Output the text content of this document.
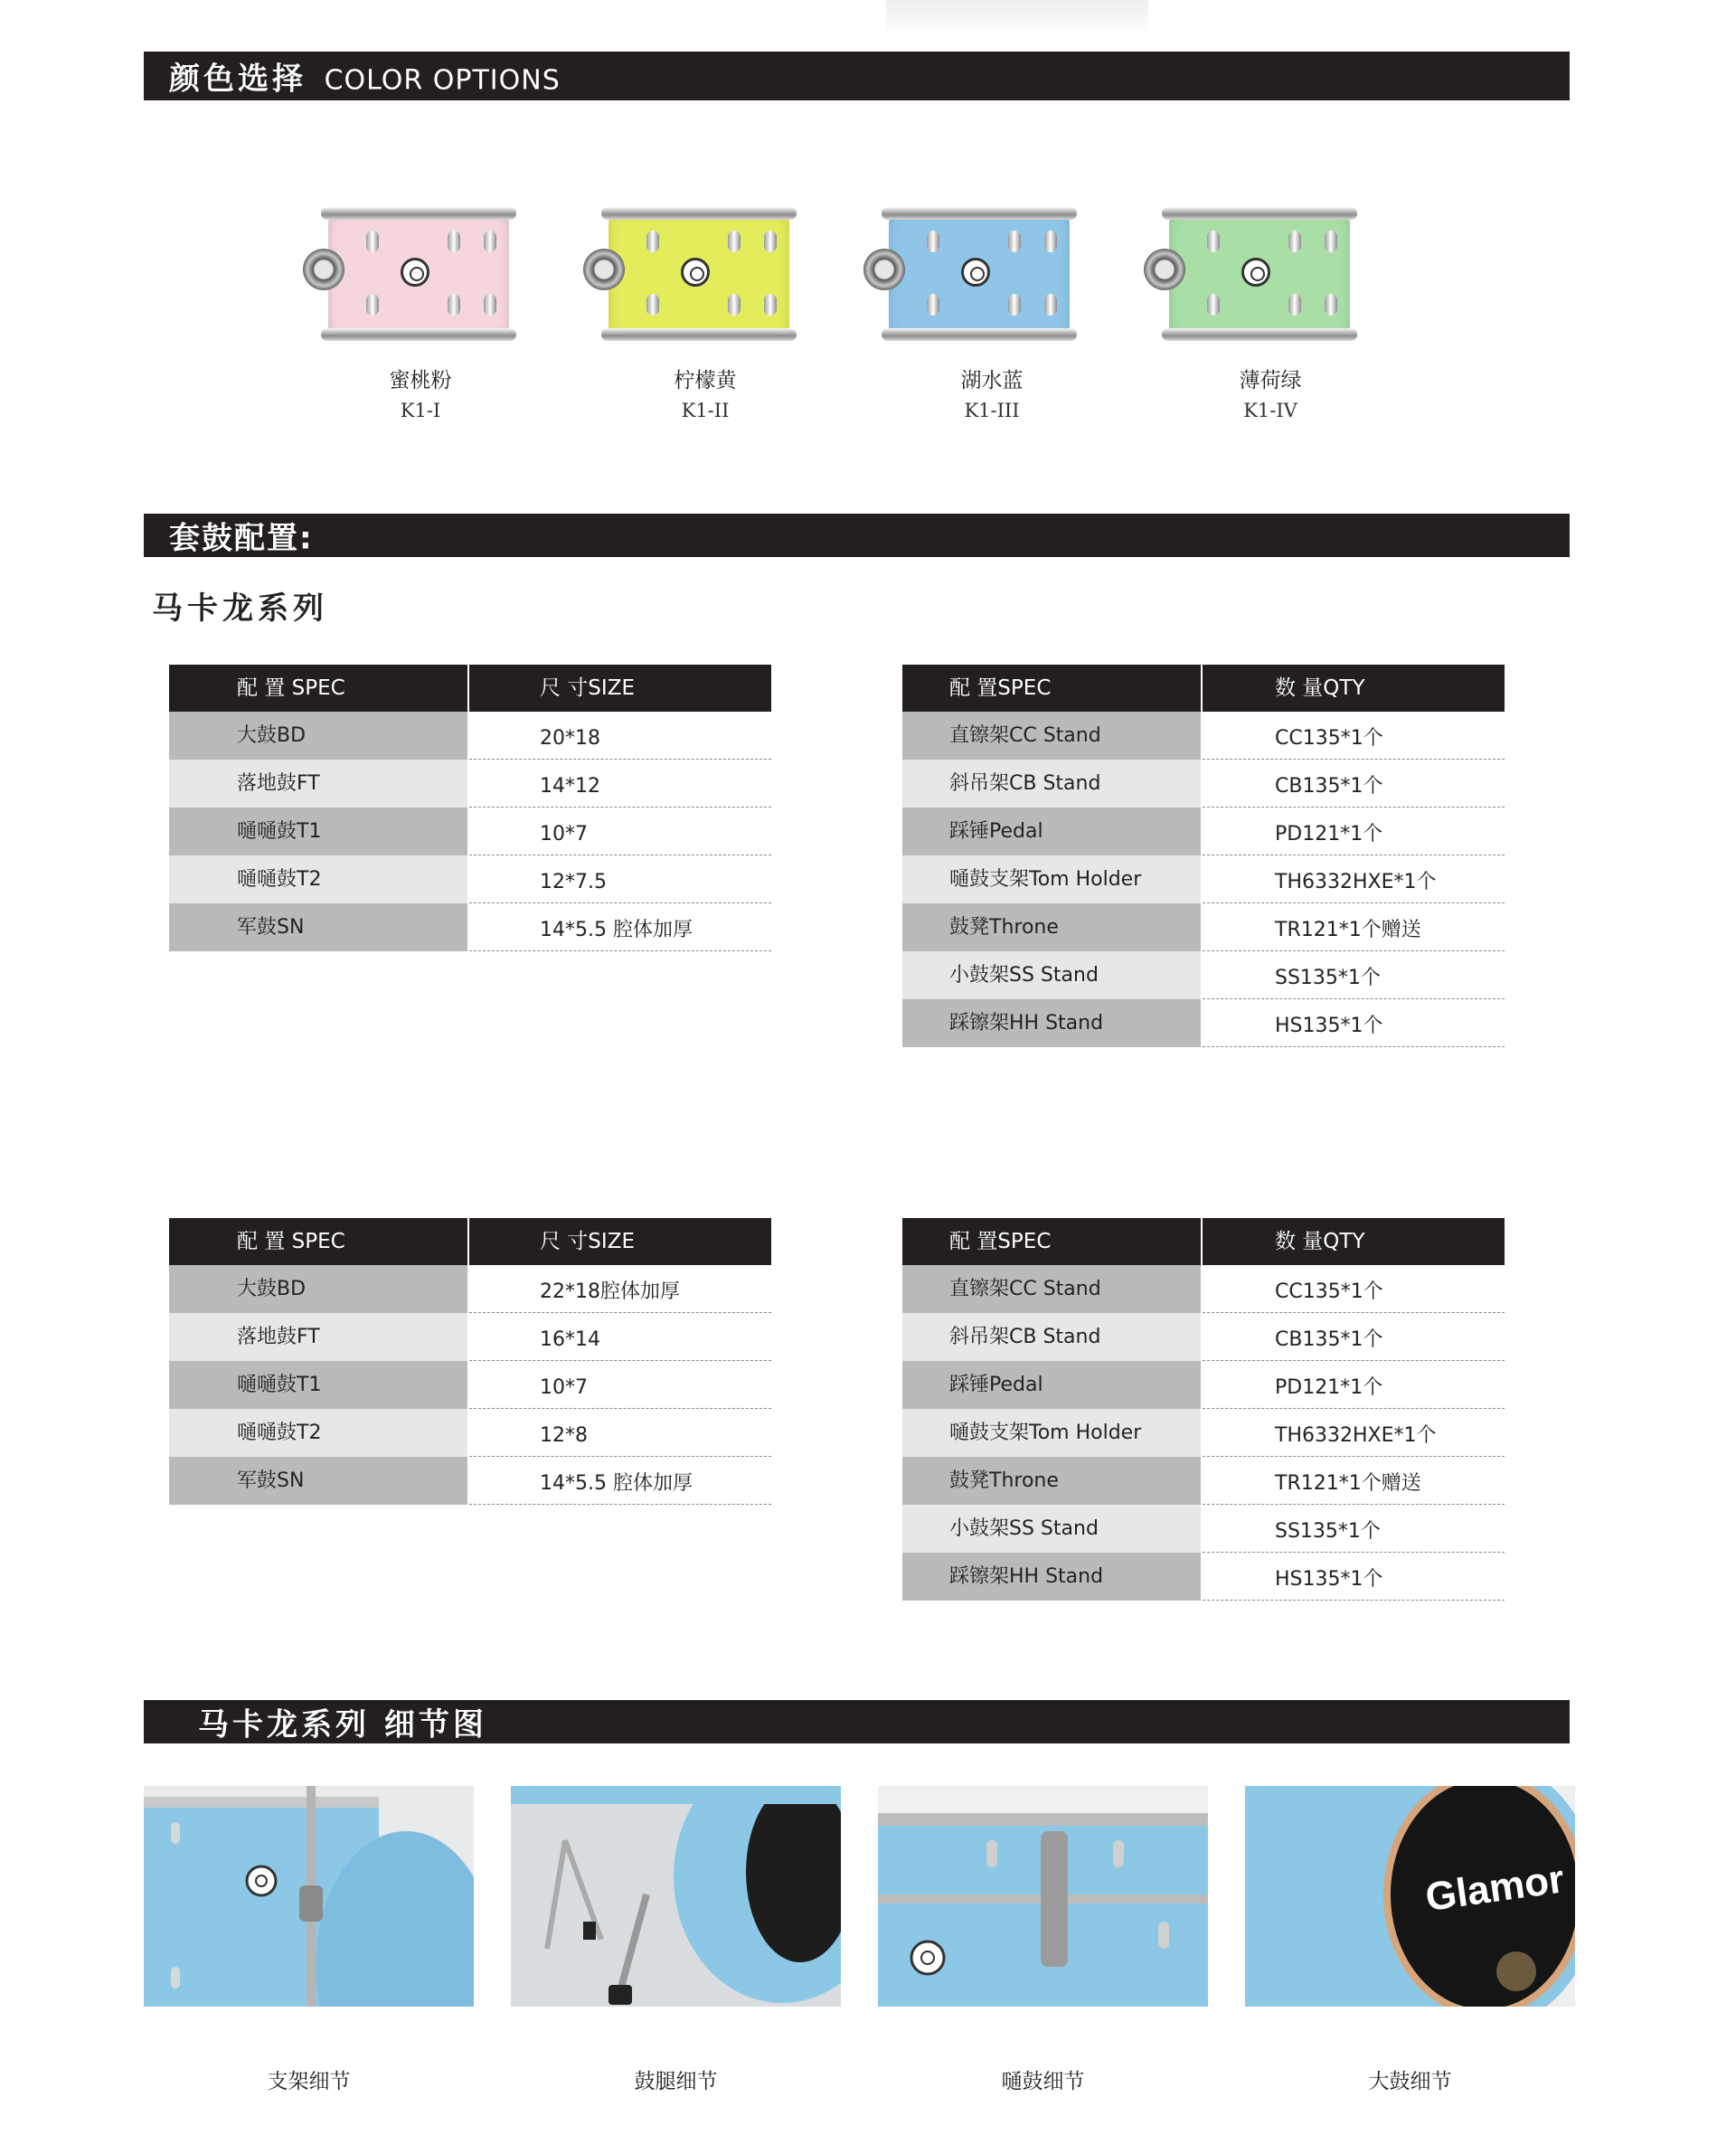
颜色选择 COLOR OPTIONS
蜜桃粉
K1-I
柠檬黄
K1-II
湖水蓝
K1-III
薄荷绿
K1-IV
套鼓配置:
马卡龙系列
配 置 SPEC	尺 寸SIZE
大鼓BD	20*18
落地鼓FT	14*12
嗵嗵鼓T1	10*7
嗵嗵鼓T2	12*7.5
军鼓SN	14*5.5 腔体加厚
配 置SPEC	数 量QTY
直镲架CC Stand	CC135*1个
斜吊架CB Stand	CB135*1个
踩锤Pedal	PD121*1个
嗵鼓支架Tom Holder	TH6332HXE*1个
鼓凳Throne	TR121*1个赠送
小鼓架SS Stand	SS135*1个
踩镲架HH Stand	HS135*1个
配 置 SPEC	尺 寸SIZE
大鼓BD	22*18腔体加厚
落地鼓FT	16*14
嗵嗵鼓T1	10*7
嗵嗵鼓T2	12*8
军鼓SN	14*5.5 腔体加厚
配 置SPEC	数 量QTY
直镲架CC Stand	CC135*1个
斜吊架CB Stand	CB135*1个
踩锤Pedal	PD121*1个
嗵鼓支架Tom Holder	TH6332HXE*1个
鼓凳Throne	TR121*1个赠送
小鼓架SS Stand	SS135*1个
踩镲架HH Stand	HS135*1个
马卡龙系列 细节图
Glamor
支架细节	鼓腿细节	嗵鼓细节	大鼓细节
